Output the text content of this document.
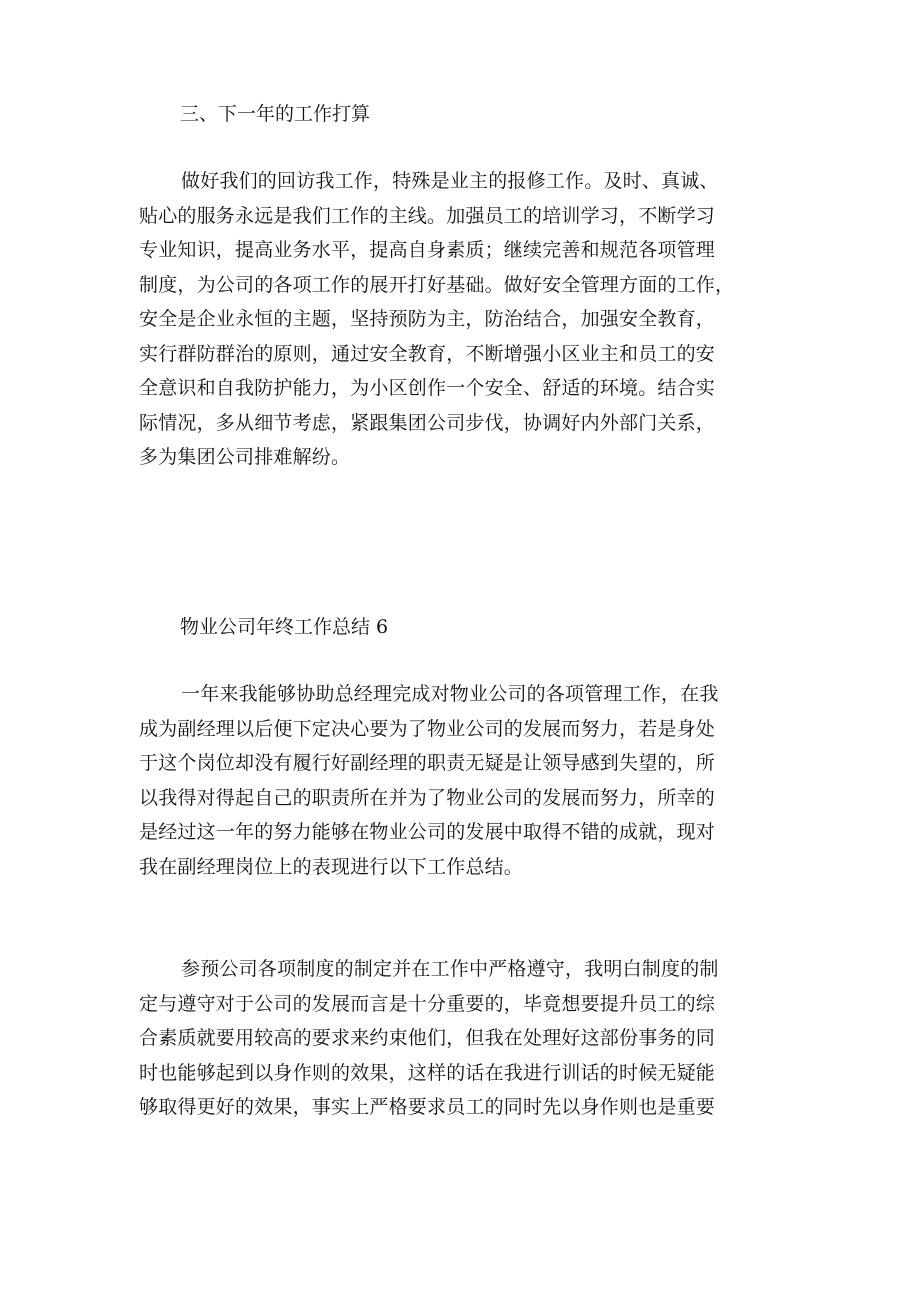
三、下一年的工作打算

做好我们的回访我工作，特殊是业主的报修工作。及时、真诚、
贴心的服务永远是我们工作的主线。加强员工的培训学习，不断学习
专业知识，提高业务水平，提高自身素质；继续完善和规范各项管理
制度，为公司的各项工作的展开打好基础。做好安全管理方面的工作，
安全是企业永恒的主题，坚持预防为主，防治结合，加强安全教育，
实行群防群治的原则，通过安全教育，不断增强小区业主和员工的安
全意识和自我防护能力，为小区创作一个安全、舒适的环境。结合实
际情况，多从细节考虑，紧跟集团公司步伐，协调好内外部门关系，
多为集团公司排难解纷。

物业公司年终工作总结 6

一年来我能够协助总经理完成对物业公司的各项管理工作，在我
成为副经理以后便下定决心要为了物业公司的发展而努力，若是身处
于这个岗位却没有履行好副经理的职责无疑是让领导感到失望的，所
以我得对得起自己的职责所在并为了物业公司的发展而努力，所幸的
是经过这一年的努力能够在物业公司的发展中取得不错的成就，现对
我在副经理岗位上的表现进行以下工作总结。
参预公司各项制度的制定并在工作中严格遵守，我明白制度的制
定与遵守对于公司的发展而言是十分重要的，毕竟想要提升员工的综
合素质就要用较高的要求来约束他们，但我在处理好这部份事务的同
时也能够起到以身作则的效果，这样的话在我进行训话的时候无疑能
够取得更好的效果，事实上严格要求员工的同时先以身作则也是重要
